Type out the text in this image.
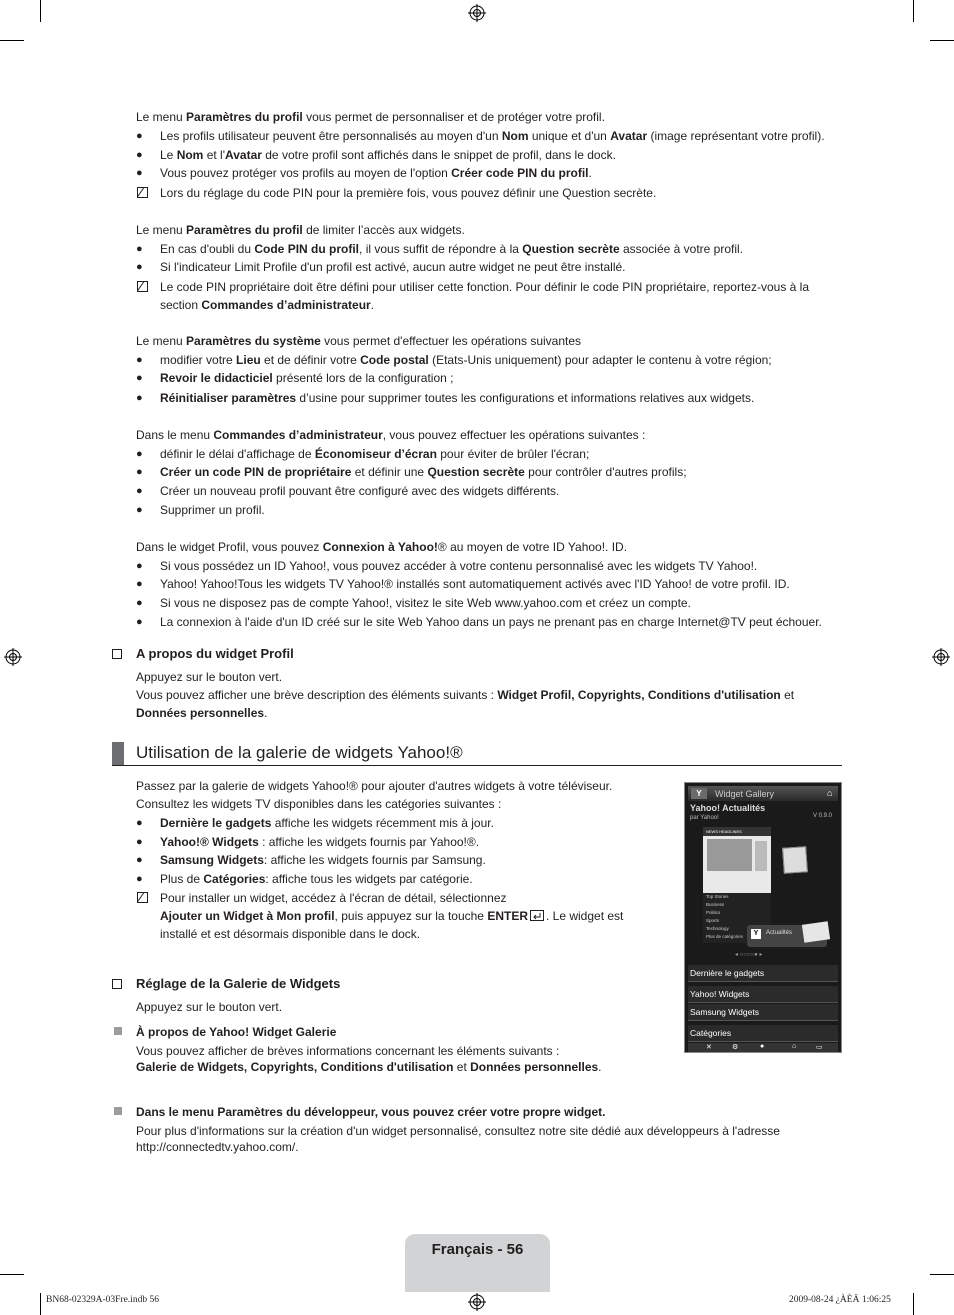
Le menu Paramètres du profil vous permet de personnaliser et de protéger votre profil.
● Les profils utilisateur peuvent être personnalisés au moyen d'un Nom unique et d'un Avatar (image représentant votre profil).
● Le Nom et l'Avatar de votre profil sont affichés dans le snippet de profil, dans le dock.
● Vous pouvez protéger vos profils au moyen de l'option Créer code PIN du profil.
Lors du réglage du code PIN pour la première fois, vous pouvez définir une Question secrète.
Le menu Paramètres du profil de limiter l’accès aux widgets.
● En cas d'oubli du Code PIN du profil, il vous suffit de répondre à la Question secrète associée à votre profil.
● Si l'indicateur Limit Profile d'un profil est activé, aucun autre widget ne peut être installé.
Le code PIN propriétaire doit être défini pour utiliser cette fonction. Pour définir le code PIN propriétaire, reportez-vous à la section Commandes d’administrateur.
Le menu Paramètres du système vous permet d'effectuer les opérations suivantes
● modifier votre Lieu et de définir votre Code postal (Etats-Unis uniquement) pour adapter le contenu à votre région;
● Revoir le didacticiel présenté lors de la configuration ;
● Réinitialiser paramètres d’usine pour supprimer toutes les configurations et informations relatives aux widgets.
Dans le menu Commandes d’administrateur, vous pouvez effectuer les opérations suivantes :
● définir le délai d'affichage de Économiseur d’écran pour éviter de brûler l'écran;
● Créer un code PIN de propriétaire et définir une Question secrète pour contrôler d'autres profils;
● Créer un nouveau profil pouvant être configuré avec des widgets différents.
● Supprimer un profil.
Dans le widget Profil, vous pouvez Connexion à Yahoo!® au moyen de votre ID Yahoo!. ID.
● Si vous possédez un ID Yahoo!, vous pouvez accéder à votre contenu personnalisé avec les widgets TV Yahoo!.
● Yahoo! Yahoo!Tous les widgets TV Yahoo!® installés sont automatiquement activés avec l'ID Yahoo! de votre profil. ID.
● Si vous ne disposez pas de compte Yahoo!, visitez le site Web www.yahoo.com et créez un compte.
● La connexion à l'aide d'un ID créé sur le site Web Yahoo dans un pays ne prenant pas en charge Internet@TV peut échouer.
A propos du widget Profil
Appuyez sur le bouton vert.
Vous pouvez afficher une brève description des éléments suivants : Widget Profil, Copyrights, Conditions d'utilisation et
Données personnelles.
Utilisation de la galerie de widgets Yahoo!®
Passez par la galerie de widgets Yahoo!® pour ajouter d'autres widgets à votre téléviseur.
Consultez les widgets TV disponibles dans les catégories suivantes :
● Dernière le gadgets affiche les widgets récemment mis à jour.
● Yahoo!® Widgets : affiche les widgets fournis par Yahoo!®.
● Samsung Widgets: affiche les widgets fournis par Samsung.
● Plus de Catégories: affiche tous les widgets par catégorie.
Pour installer un widget, accédez à l'écran de détail, sélectionnez
Ajouter un Widget à Mon profil, puis appuyez sur la touche ENTER . Le widget est installé et est désormais disponible dans le dock.
Y	Widget Gallery	⌂
Yahoo! Actualités
par Yahoo!	V 0.9.0
NEWS HEADLINES
Top Stories
Business
Politics
Sports
Technology
Plus de catégories	Y	Actualités
◂ ○○○○● ▸
Dernière le gadgets
Yahoo! Widgets
Samsung Widgets
Catégories
✕	⚙	●	⌂	▭
Réglage de la Galerie de Widgets
Appuyez sur le bouton vert.
À propos de Yahoo! Widget Galerie
Vous pouvez afficher de brèves informations concernant les éléments suivants :
Galerie de Widgets, Copyrights, Conditions d'utilisation et Données personnelles.
Dans le menu Paramètres du développeur, vous pouvez créer votre propre widget.
Pour plus d'informations sur la création d'un widget personnalisé, consultez notre site dédié aux développeurs à l'adresse
http://connectedtv.yahoo.com/.
Français - 56
BN68-02329A-03Fre.indb 56	2009-08-24 ¿ÀÈÄ 1:06:25
